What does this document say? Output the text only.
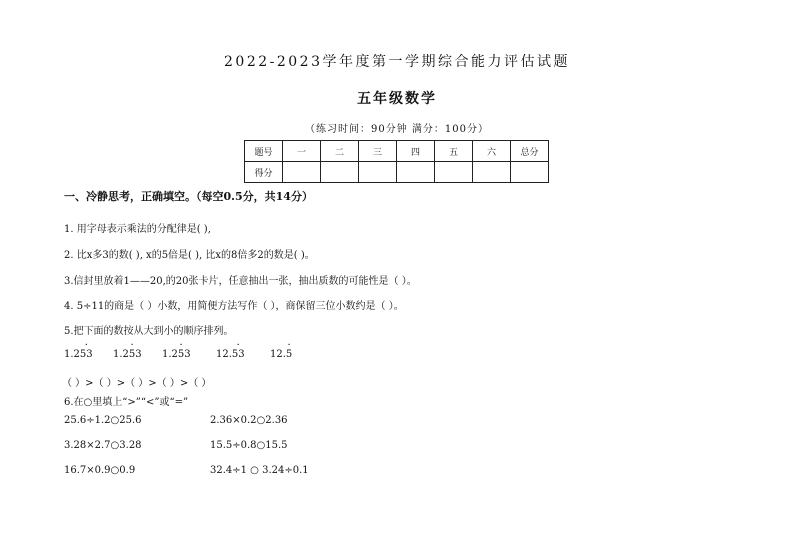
2022-2023学年度第一学期综合能力评估试题
五年级数学
（练习时间：90分钟 满分：100分）
题号	一	二	三	四	五	六	总分
得分							
一、冷静思考，正确填空。（每空0.5分，共14分）
1. 用字母表示乘法的分配律是( ),
2. 比x多3的数( ), x的5倍是( ), 比x的8倍多2的数是( )。
3.信封里放着1——20,的20张卡片，任意抽出一张，抽出质数的可能性是（ ）。
4. 5÷11的商是（ ）小数，用简便方法写作（ ），商保留三位小数约是（ ）。
5.把下面的数按从大到小的顺序排列。
1.2· 53 1.· 253 1.· 253	12.· 53	12.· 5
（ ）>（ ）>（ ）>（ ）>（ ）
6.在○里填上“>”“<”或“=”
25.6÷1.2○25.6	2.36×0.2○2.36
3.28×2.7○3.28	15.5÷0.8○15.5
16.7×0.9○0.9	32.4÷1 ○ 3.24÷0.1
